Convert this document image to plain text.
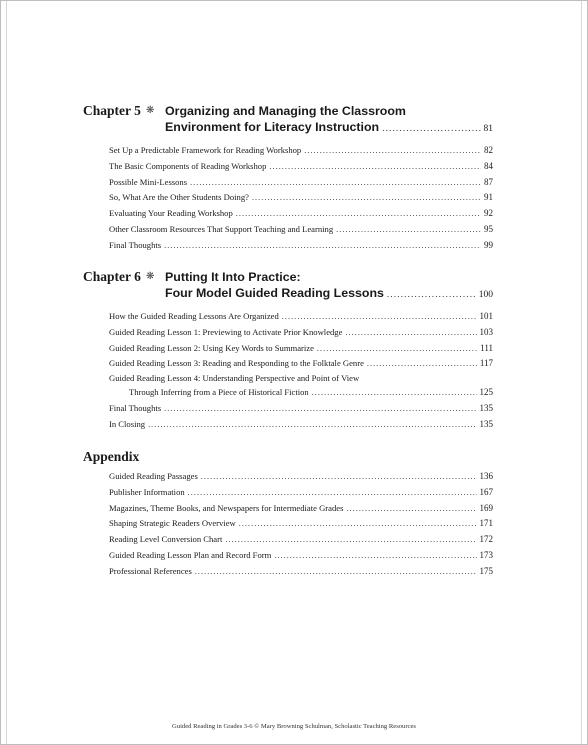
Chapter 5 ❋ Organizing and Managing the Classroom
Environment for Literacy Instruction .....	81
Set Up a Predictable Framework for Reading Workshop .....	82
The Basic Components of Reading Workshop .....	84
Possible Mini-Lessons .....	87
So, What Are the Other Students Doing? .....	91
Evaluating Your Reading Workshop .....	92
Other Classroom Resources That Support Teaching and Learning .....	95
Final Thoughts .....	99
Chapter 6 ❋ Putting It Into Practice:
Four Model Guided Reading Lessons .....	100
How the Guided Reading Lessons Are Organized .....	101
Guided Reading Lesson 1: Previewing to Activate Prior Knowledge .....	103
Guided Reading Lesson 2: Using Key Words to Summarize .....	111
Guided Reading Lesson 3: Reading and Responding to the Folktale Genre .....	117
Guided Reading Lesson 4: Understanding Perspective and Point of View
Through Inferring from a Piece of Historical Fiction .....	125
Final Thoughts .....	135
In Closing .....	135
Appendix
Guided Reading Passages .....	136
Publisher Information .....	167
Magazines, Theme Books, and Newspapers for Intermediate Grades .....	169
Shaping Strategic Readers Overview .....	171
Reading Level Conversion Chart .....	172
Guided Reading Lesson Plan and Record Form .....	173
Professional References .....	175
Guided Reading in Grades 3-6 © Mary Browning Schulman, Scholastic Teaching Resources
